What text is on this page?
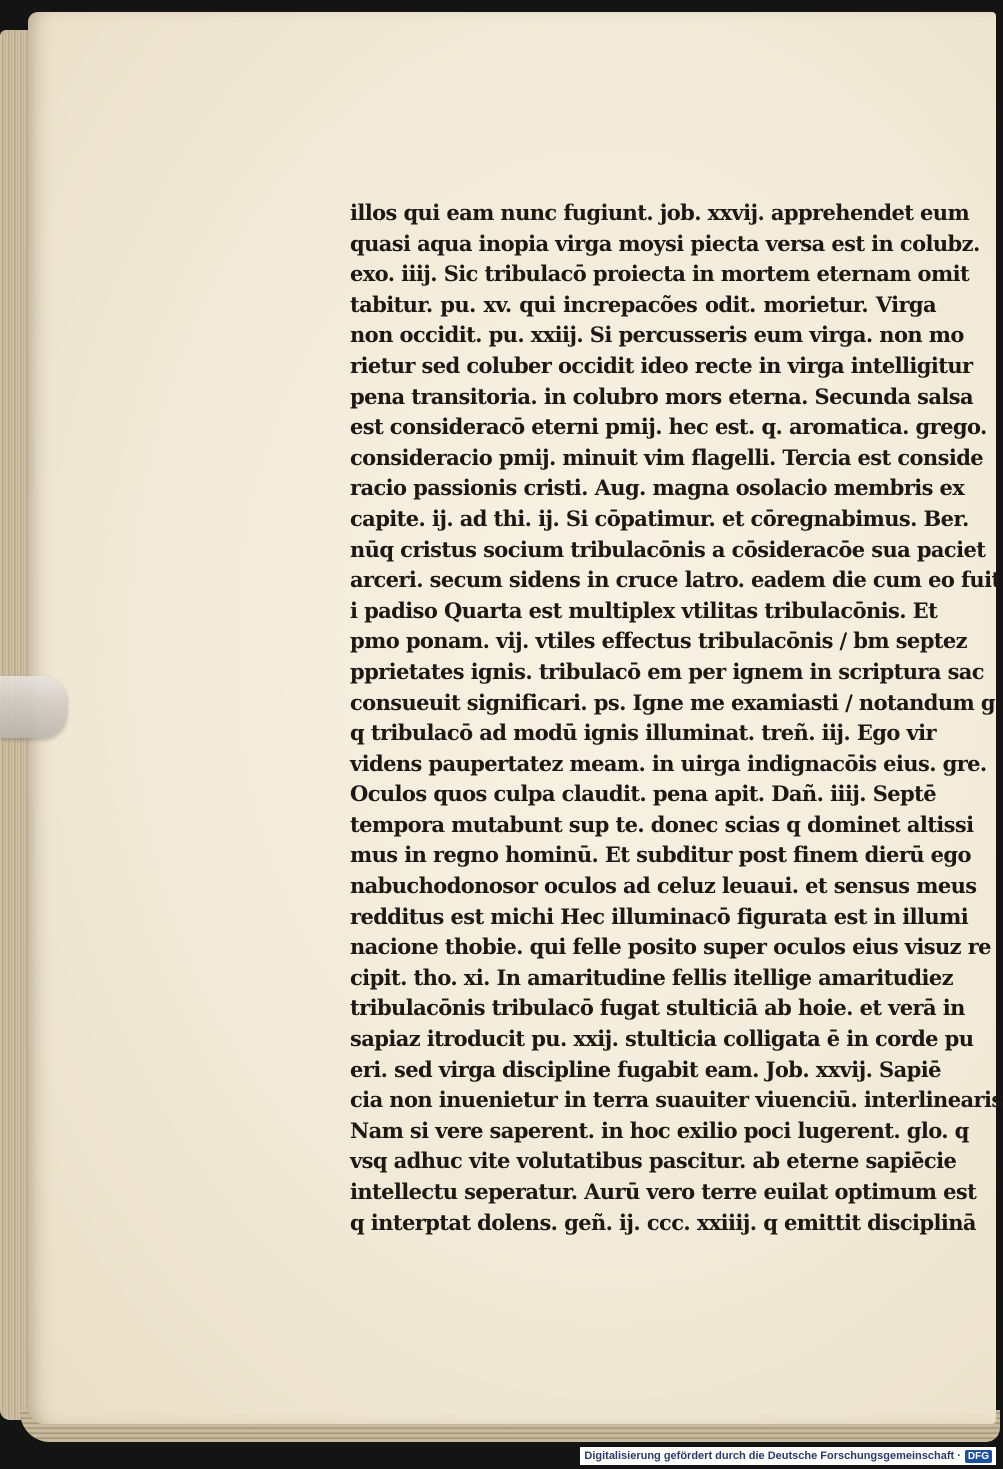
illos qui eam nunc fugiunt. job. xxvij. apprehendet eum
quasi aqua inopia virga moysi piecta versa est in colubz.
exo. iiij. Sic tribulacō proiecta in mortem eternam omit
tabitur. pu. xv. qui increpacões odit. morietur. Virga
non occidit. pu. xxiij. Si percusseris eum virga. non mo
rietur sed coluber occidit ideo recte in virga intelligitur
pena transitoria. in colubro mors eterna. Secunda salsa
est consideracō eterni pmij. hec est. q. aromatica. grego.
consideracio pmij. minuit vim flagelli. Tercia est conside
racio passionis cristi. Aug. magna osolacio membris ex
capite. ij. ad thi. ij. Si cōpatimur. et cōregnabimus. Ber.
nūq cristus socium tribulacōnis a cōsideracōe sua paciet
arceri. secum sidens in cruce latro. eadem die cum eo fuit
i padiso Quarta est multiplex vtilitas tribulacōnis. Et
pmo ponam. vij. vtiles effectus tribulacōnis / bm septez
pprietates ignis. tribulacō em per ignem in scriptura sac
consueuit significari. ps. Igne me examiasti / notandum g
q tribulacō ad modū ignis illuminat. treñ. iij. Ego vir
videns paupertatez meam. in uirga indignacōis eius. gre.
Oculos quos culpa claudit. pena apit. Dañ. iiij. Septē
tempora mutabunt sup te. donec scias q dominet altissi
mus in regno hominū. Et subditur post finem dierū ego
nabuchodonosor oculos ad celuz leuaui. et sensus meus
redditus est michi Hec illuminacō figurata est in illumi
nacione thobie. qui felle posito super oculos eius visuz re
cipit. tho. xi. In amaritudine fellis itellige amaritudiez
tribulacōnis tribulacō fugat stulticiā ab hoie. et verā in
sapiaz itroducit pu. xxij. stulticia colligata ē in corde pu
eri. sed virga discipline fugabit eam. Job. xxvij. Sapiē
cia non inuenietur in terra suauiter viuenciū. interlinearis
Nam si vere saperent. in hoc exilio poci lugerent. glo. q
vsq adhuc vite volutatibus pascitur. ab eterne sapiēcie
intellectu seperatur. Aurū vero terre euilat optimum est
q interptat dolens. geñ. ij. ccc. xxiiij. q emittit disciplinā
Digitalisierung gefördert durch die Deutsche Forschungsgemeinschaft · DFG
